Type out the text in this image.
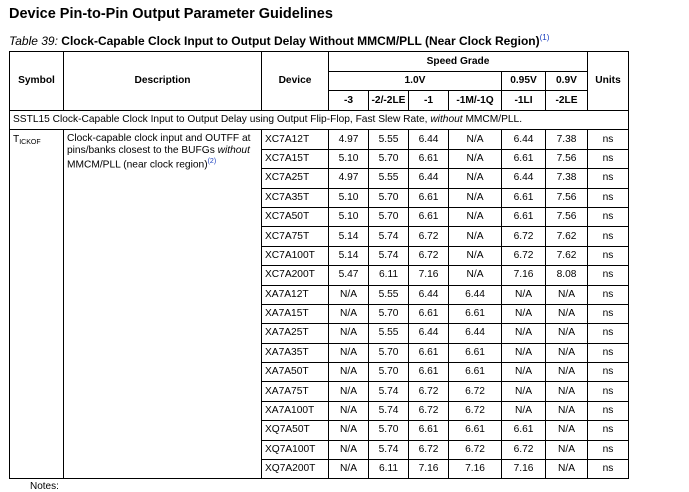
Device Pin-to-Pin Output Parameter Guidelines
Table 39: Clock-Capable Clock Input to Output Delay Without MMCM/PLL (Near Clock Region)$^{(1)}$
Symbol	Description	Device	Speed Grade						Units
			1.0V				0.95V	0.9V	
			-3	-2/-2LE	-1	-1M/-1Q	-1LI	-2LE	
SSTL15 Clock-Capable Clock Input to Output Delay using Output Flip-Flop, Fast Slew Rate, without MMCM/PLL.									
TICKOF	Clock-capable clock input and OUTFF at pins/banks closest to the BUFGs without MMCM/PLL (near clock region)$^{(2)}$	XC7A12T	4.97	5.55	6.44	N/A	6.44	7.38	ns
		XC7A15T	5.10	5.70	6.61	N/A	6.61	7.56	ns
		XC7A25T	4.97	5.55	6.44	N/A	6.44	7.38	ns
		XC7A35T	5.10	5.70	6.61	N/A	6.61	7.56	ns
		XC7A50T	5.10	5.70	6.61	N/A	6.61	7.56	ns
		XC7A75T	5.14	5.74	6.72	N/A	6.72	7.62	ns
		XC7A100T	5.14	5.74	6.72	N/A	6.72	7.62	ns
		XC7A200T	5.47	6.11	7.16	N/A	7.16	8.08	ns
		XA7A12T	N/A	5.55	6.44	6.44	N/A	N/A	ns
		XA7A15T	N/A	5.70	6.61	6.61	N/A	N/A	ns
		XA7A25T	N/A	5.55	6.44	6.44	N/A	N/A	ns
		XA7A35T	N/A	5.70	6.61	6.61	N/A	N/A	ns
		XA7A50T	N/A	5.70	6.61	6.61	N/A	N/A	ns
		XA7A75T	N/A	5.74	6.72	6.72	N/A	N/A	ns
		XA7A100T	N/A	5.74	6.72	6.72	N/A	N/A	ns
		XQ7A50T	N/A	5.70	6.61	6.61	6.61	N/A	ns
		XQ7A100T	N/A	5.74	6.72	6.72	6.72	N/A	ns
		XQ7A200T	N/A	6.11	7.16	7.16	7.16	N/A	ns
Notes:
